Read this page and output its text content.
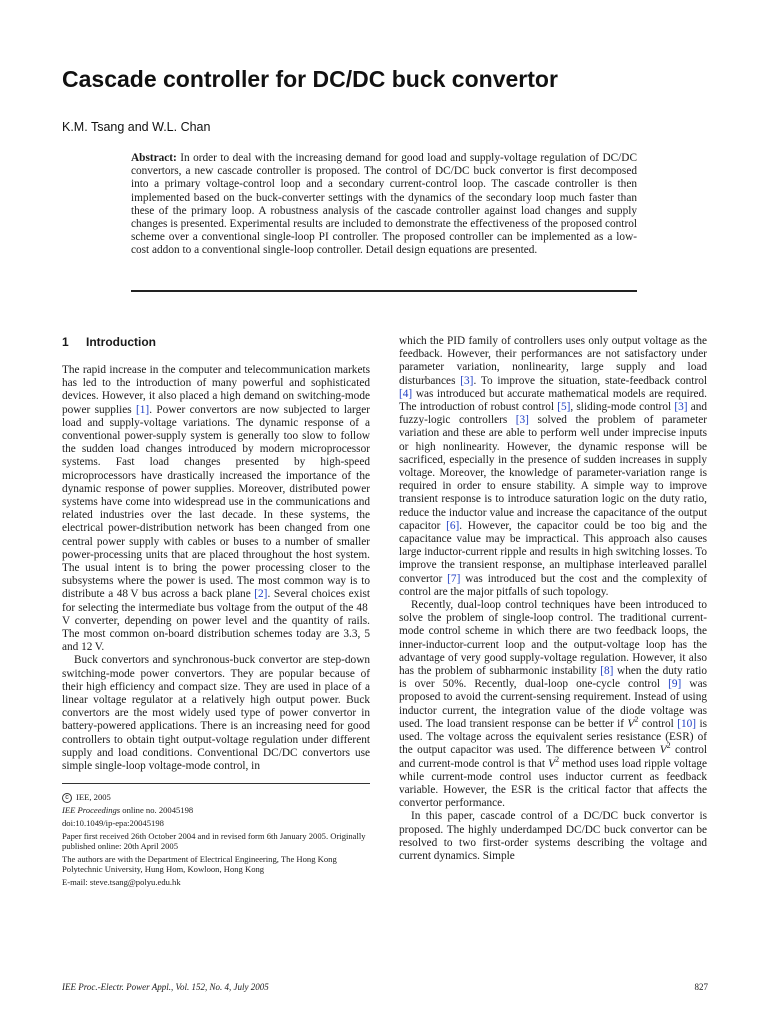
Cascade controller for DC/DC buck convertor
K.M. Tsang and W.L. Chan
Abstract: In order to deal with the increasing demand for good load and supply-voltage regulation of DC/DC convertors, a new cascade controller is proposed. The control of DC/DC buck convertor is first decomposed into a primary voltage-control loop and a secondary current-control loop. The cascade controller is then implemented based on the buck-converter settings with the dynamics of the secondary loop much faster than these of the primary loop. A robustness analysis of the cascade controller against load changes and supply changes is presented. Experimental results are included to demonstrate the effectiveness of the proposed control scheme over a conventional single-loop PI controller. The proposed controller can be implemented as a low-cost addon to a conventional single-loop controller. Detail design equations are presented.
1 Introduction

The rapid increase in the computer and telecommunication markets has led to the introduction of many powerful and sophisticated devices. However, it also placed a high demand on switching-mode power supplies [1]. Power convertors are now subjected to larger load and supply-voltage variations. The dynamic response of a conventional power-supply system is generally too slow to follow the sudden load changes introduced by modern microprocessor systems. Fast load changes presented by high-speed microprocessors have drastically increased the importance of the dynamic response of power supplies. Moreover, distributed power systems have come into widespread use in the communications and related industries over the last decade. In these systems, the electrical power-distribution network has been changed from one central power supply with cables or buses to a number of smaller power-processing units that are placed throughout the host system. The usual intent is to bring the power processing closer to the subsystems where the power is used. The most common way is to distribute a 48 V bus across a back plane [2]. Several choices exist for selecting the intermediate bus voltage from the output of the 48 V converter, depending on power level and the quantity of rails. The most common on-board distribution schemes today are 3.3, 5 and 12 V.

Buck convertors and synchronous-buck convertor are step-down switching-mode power convertors. They are popular because of their high efficiency and compact size. They are used in place of a linear voltage regulator at a relatively high output power. Buck convertors are the most widely used type of power convertor in battery-powered applications. There is an increasing need for good controllers to obtain tight output-voltage regulation under different supply and load conditions. Conventional DC/DC convertors use simple single-loop voltage-mode control, in

c IEE, 2005

IEE Proceedings online no. 20045198

doi:10.1049/ip-epa:20045198

Paper first received 26th October 2004 and in revised form 6th January 2005. Originally published online: 20th April 2005

The authors are with the Department of Electrical Engineering, The Hong Kong Polytechnic University, Hung Hom, Kowloon, Hong Kong

E-mail: steve.tsang@polyu.edu.hk

which the PID family of controllers uses only output voltage as the feedback. However, their performances are not satisfactory under parameter variation, nonlinearity, large supply and load disturbances [3]. To improve the situation, state-feedback control [4] was introduced but accurate mathematical models are required. The introduction of robust control [5], sliding-mode control [3] and fuzzy-logic controllers [3] solved the problem of parameter variation and these are able to perform well under imprecise inputs or high nonlinearity. However, the dynamic response will be sacrificed, especially in the presence of sudden increases in supply voltage. Moreover, the knowledge of parameter-variation range is required in order to ensure stability. A simple way to improve transient response is to introduce saturation logic on the duty ratio, reduce the inductor value and increase the capacitance of the output capacitor [6]. However, the capacitor could be too big and the capacitance value may be impractical. This approach also causes large inductor-current ripple and results in high switching losses. To improve the transient response, an multiphase interleaved parallel convertor [7] was introduced but the cost and the complexity of control are the major pitfalls of such topology.

Recently, dual-loop control techniques have been introduced to solve the problem of single-loop control. The traditional current-mode control scheme in which there are two feedback loops, the inner-inductor-current loop and the output-voltage loop has the advantage of very good supply-voltage regulation. However, it also has the problem of subharmonic instability [8] when the duty ratio is over 50%. Recently, dual-loop one-cycle control [9] was proposed to avoid the current-sensing requirement. Instead of using inductor current, the integration value of the diode voltage was used. The load transient response can be better if $V^2$ control [10] is used. The voltage across the equivalent series resistance (ESR) of the output capacitor was used. The difference between $V^2$ control and current-mode control is that $V^2$ method uses load ripple voltage while current-mode control uses inductor current as feedback variable. However, the ESR is the critical factor that affects the convertor performance.

In this paper, cascade control of a DC/DC buck convertor is proposed. The highly underdamped DC/DC buck convertor can be resolved to two first-order systems describing the voltage and current dynamics. Simple

IEE Proc.-Electr. Power Appl., Vol. 152, No. 4, July 2005	827
